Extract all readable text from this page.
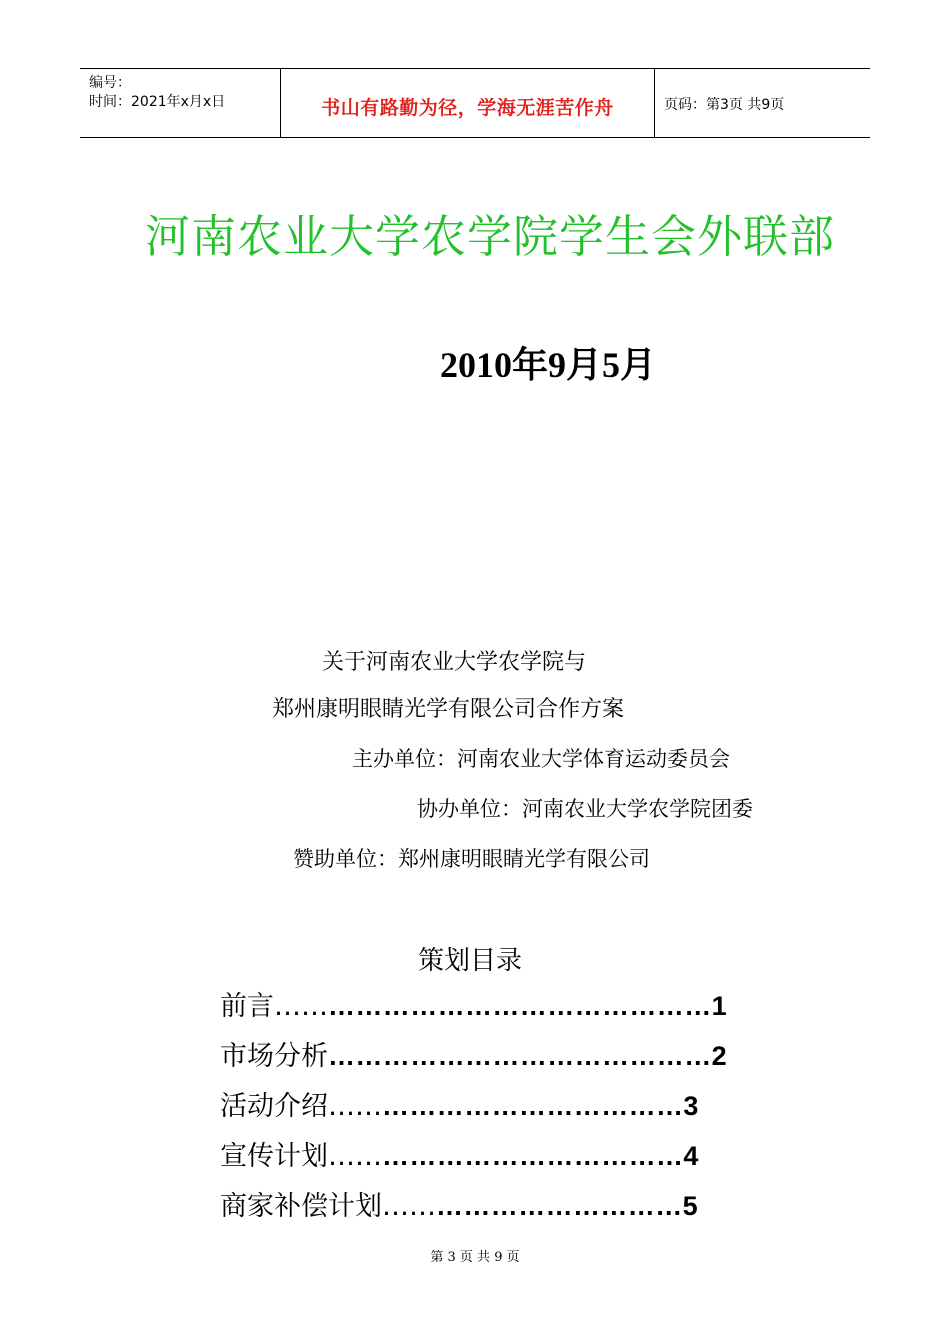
编号：
时间：2021年x月x日	书山有路勤为径，学海无涯苦作舟	页码：第3页 共9页
河南农业大学农学院学生会外联部
2010年9月5月
关于河南农业大学农学院与
郑州康明眼睛光学有限公司合作方案
主办单位：河南农业大学体育运动委员会
协办单位：河南农业大学农学院团委
赞助单位：郑州康明眼睛光学有限公司
策划目录
前言…………………………………………1
市场分析……………………………………2
活动介绍…………………………………3
宣传计划…………………………………4
商家补偿计划……………………………5
第 3 页 共 9 页
